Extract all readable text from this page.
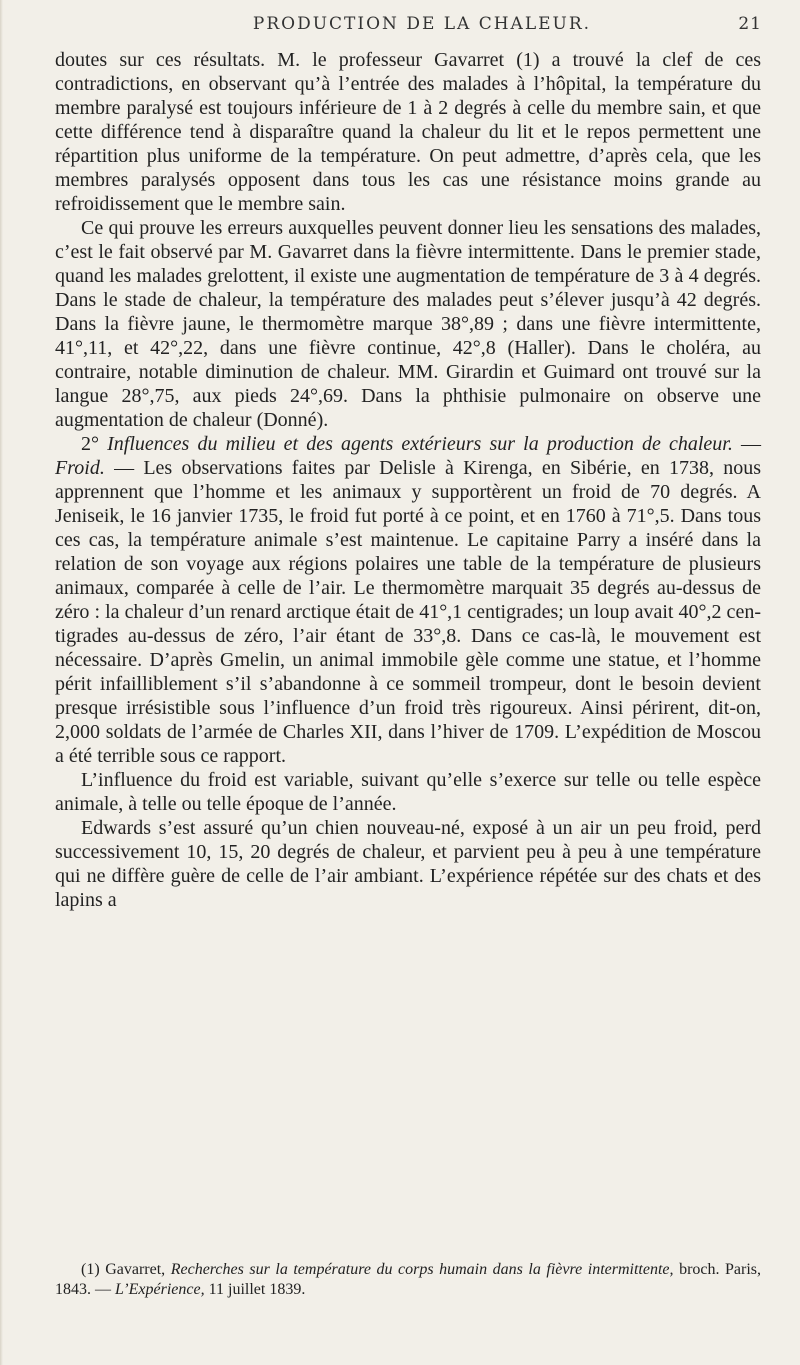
PRODUCTION DE LA CHALEUR.	21

doutes sur ces résultats. M. le professeur Gavarret (1) a trouvé la clef de ces contradictions, en observant qu’à l’entrée des malades à l’hôpital, la température du membre paralysé est toujours inférieure de 1 à 2 degrés à celle du membre sain, et que cette différence tend à disparaître quand la chaleur du lit et le repos permettent une répartition plus uniforme de la température. On peut admettre, d’après cela, que les membres paralysés opposent dans tous les cas une résistance moins grande au refroidissement que le membre sain.

Ce qui prouve les erreurs auxquelles peuvent donner lieu les sensations des malades, c’est le fait observé par M. Gavarret dans la fièvre intermittente. Dans le premier stade, quand les malades grelottent, il existe une augmentation de température de 3 à 4 degrés. Dans le stade de chaleur, la température des malades peut s’élever jusqu’à 42 degrés. Dans la fièvre jaune, le thermomètre marque 38°,89 ; dans une fièvre intermittente, 41°,11, et 42°,22, dans une fièvre continue, 42°,8 (Haller). Dans le choléra, au contraire, notable diminution de chaleur. MM. Girardin et Guimard ont trouvé sur la langue 28°,75, aux pieds 24°,69. Dans la phthisie pulmonaire on observe une augmentation de chaleur (Donné).

2° Influences du milieu et des agents extérieurs sur la production de chaleur. — Froid. — Les observations faites par Delisle à Kirenga, en Sibérie, en 1738, nous apprennent que l’homme et les animaux y supportèrent un froid de 70 degrés. A Jeniseik, le 16 janvier 1735, le froid fut porté à ce point, et en 1760 à 71°,5. Dans tous ces cas, la température animale s’est maintenue. Le capitaine Parry a inséré dans la relation de son voyage aux régions polaires une table de la température de plusieurs animaux, comparée à celle de l’air. Le thermomètre marquait 35 degrés au-dessus de zéro : la chaleur d’un renard arctique était de 41°,1 centigrades; un loup avait 40°,2 centigrades au-dessus de zéro, l’air étant de 33°,8. Dans ce cas-là, le mouvement est nécessaire. D’après Gmelin, un animal immobile gèle comme une statue, et l’homme périt infailliblement s’il s’abandonne à ce sommeil trompeur, dont le besoin devient presque irrésistible sous l’influence d’un froid très rigoureux. Ainsi périrent, dit-on, 2,000 soldats de l’armée de Charles XII, dans l’hiver de 1709. L’expédition de Moscou a été terrible sous ce rapport.

L’influence du froid est variable, suivant qu’elle s’exerce sur telle ou telle espèce animale, à telle ou telle époque de l’année.

Edwards s’est assuré qu’un chien nouveau-né, exposé à un air un peu froid, perd successivement 10, 15, 20 degrés de chaleur, et parvient peu à peu à une température qui ne diffère guère de celle de l’air ambiant. L’expérience répétée sur des chats et des lapins a

(1) Gavarret, Recherches sur la température du corps humain dans la fièvre intermittente, broch. Paris, 1843. — L’Expérience, 11 juillet 1839.
